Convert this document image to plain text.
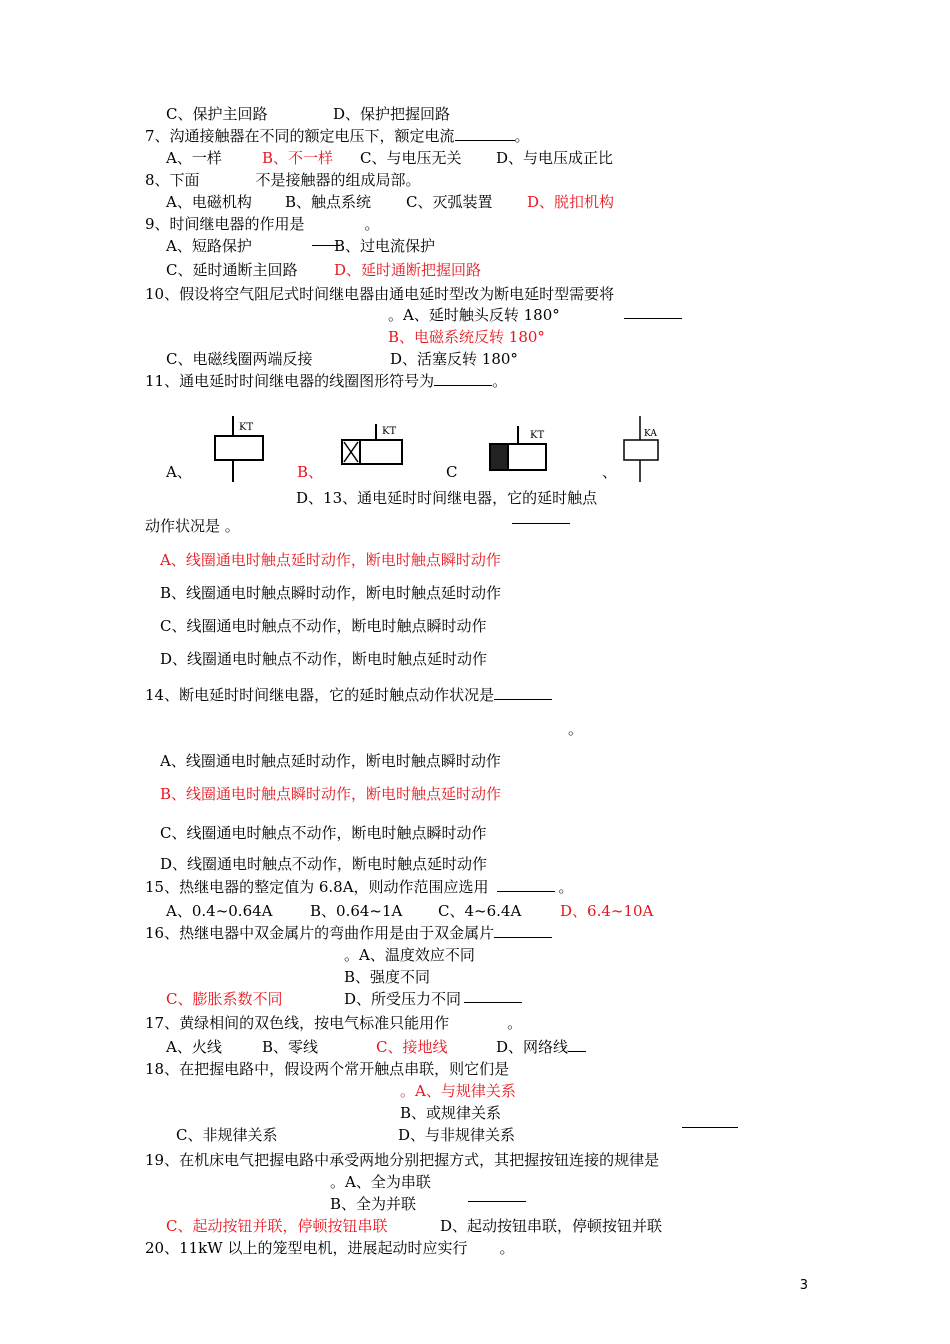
C、保护主回路	D、保护把握回路
7、沟通接触器在不同的额定电压下，额定电流	。
A、一样	B、不一样 C、与电压无关 D、与电压成正比
8、下面	不是接触器的组成局部。
A、电磁机构 B、触点系统 C、灭弧装置 D、脱扣机构
9、时间继电器的作用是	。
A、短路保护	B、过电流保护
C、延时通断主回路 D、延时通断把握回路
10、假设将空气阻尼式时间继电器由通电延时型改为断电延时型需要将
。A、延时触头反转 180°
B、电磁系统反转 180°
C、电磁线圈两端反接	D、活塞反转 180°
11、通电延时时间继电器的线圈图形符号为	。
KT
A、
KT
B、	C
KT
、
KA
D、13、通电延时时间继电器，它的延时触点
动作状况是 。
A、线圈通电时触点延时动作，断电时触点瞬时动作
B、线圈通电时触点瞬时动作，断电时触点延时动作
C、线圈通电时触点不动作，断电时触点瞬时动作
D、线圈通电时触点不动作，断电时触点延时动作
14、断电延时时间继电器，它的延时触点动作状况是
。
A、线圈通电时触点延时动作，断电时触点瞬时动作
B、线圈通电时触点瞬时动作，断电时触点延时动作
C、线圈通电时触点不动作，断电时触点瞬时动作
D、线圈通电时触点不动作，断电时触点延时动作
15、热继电器的整定值为 6.8A，则动作范围应选用	。
A、0.4~0.64A	B、0.64~1A C、4~6.4A	D、6.4~10A
16、热继电器中双金属片的弯曲作用是由于双金属片
。A、温度效应不同
B、强度不同
C、膨胀系数不同	D、所受压力不同
17、黄绿相间的双色线，按电气标准只能用作	。
A、火线	B、零线	C、接地线	D、网络线
18、在把握电路中，假设两个常开触点串联，则它们是
。A、与规律关系
B、或规律关系
C、非规律关系	D、与非规律关系
19、在机床电气把握电路中承受两地分别把握方式，其把握按钮连接的规律是
。A、全为串联
B、全为并联
C、起动按钮并联，停顿按钮串联	D、起动按钮串联，停顿按钮并联
20、11kW 以上的笼型电机，进展起动时应实行 。
3
